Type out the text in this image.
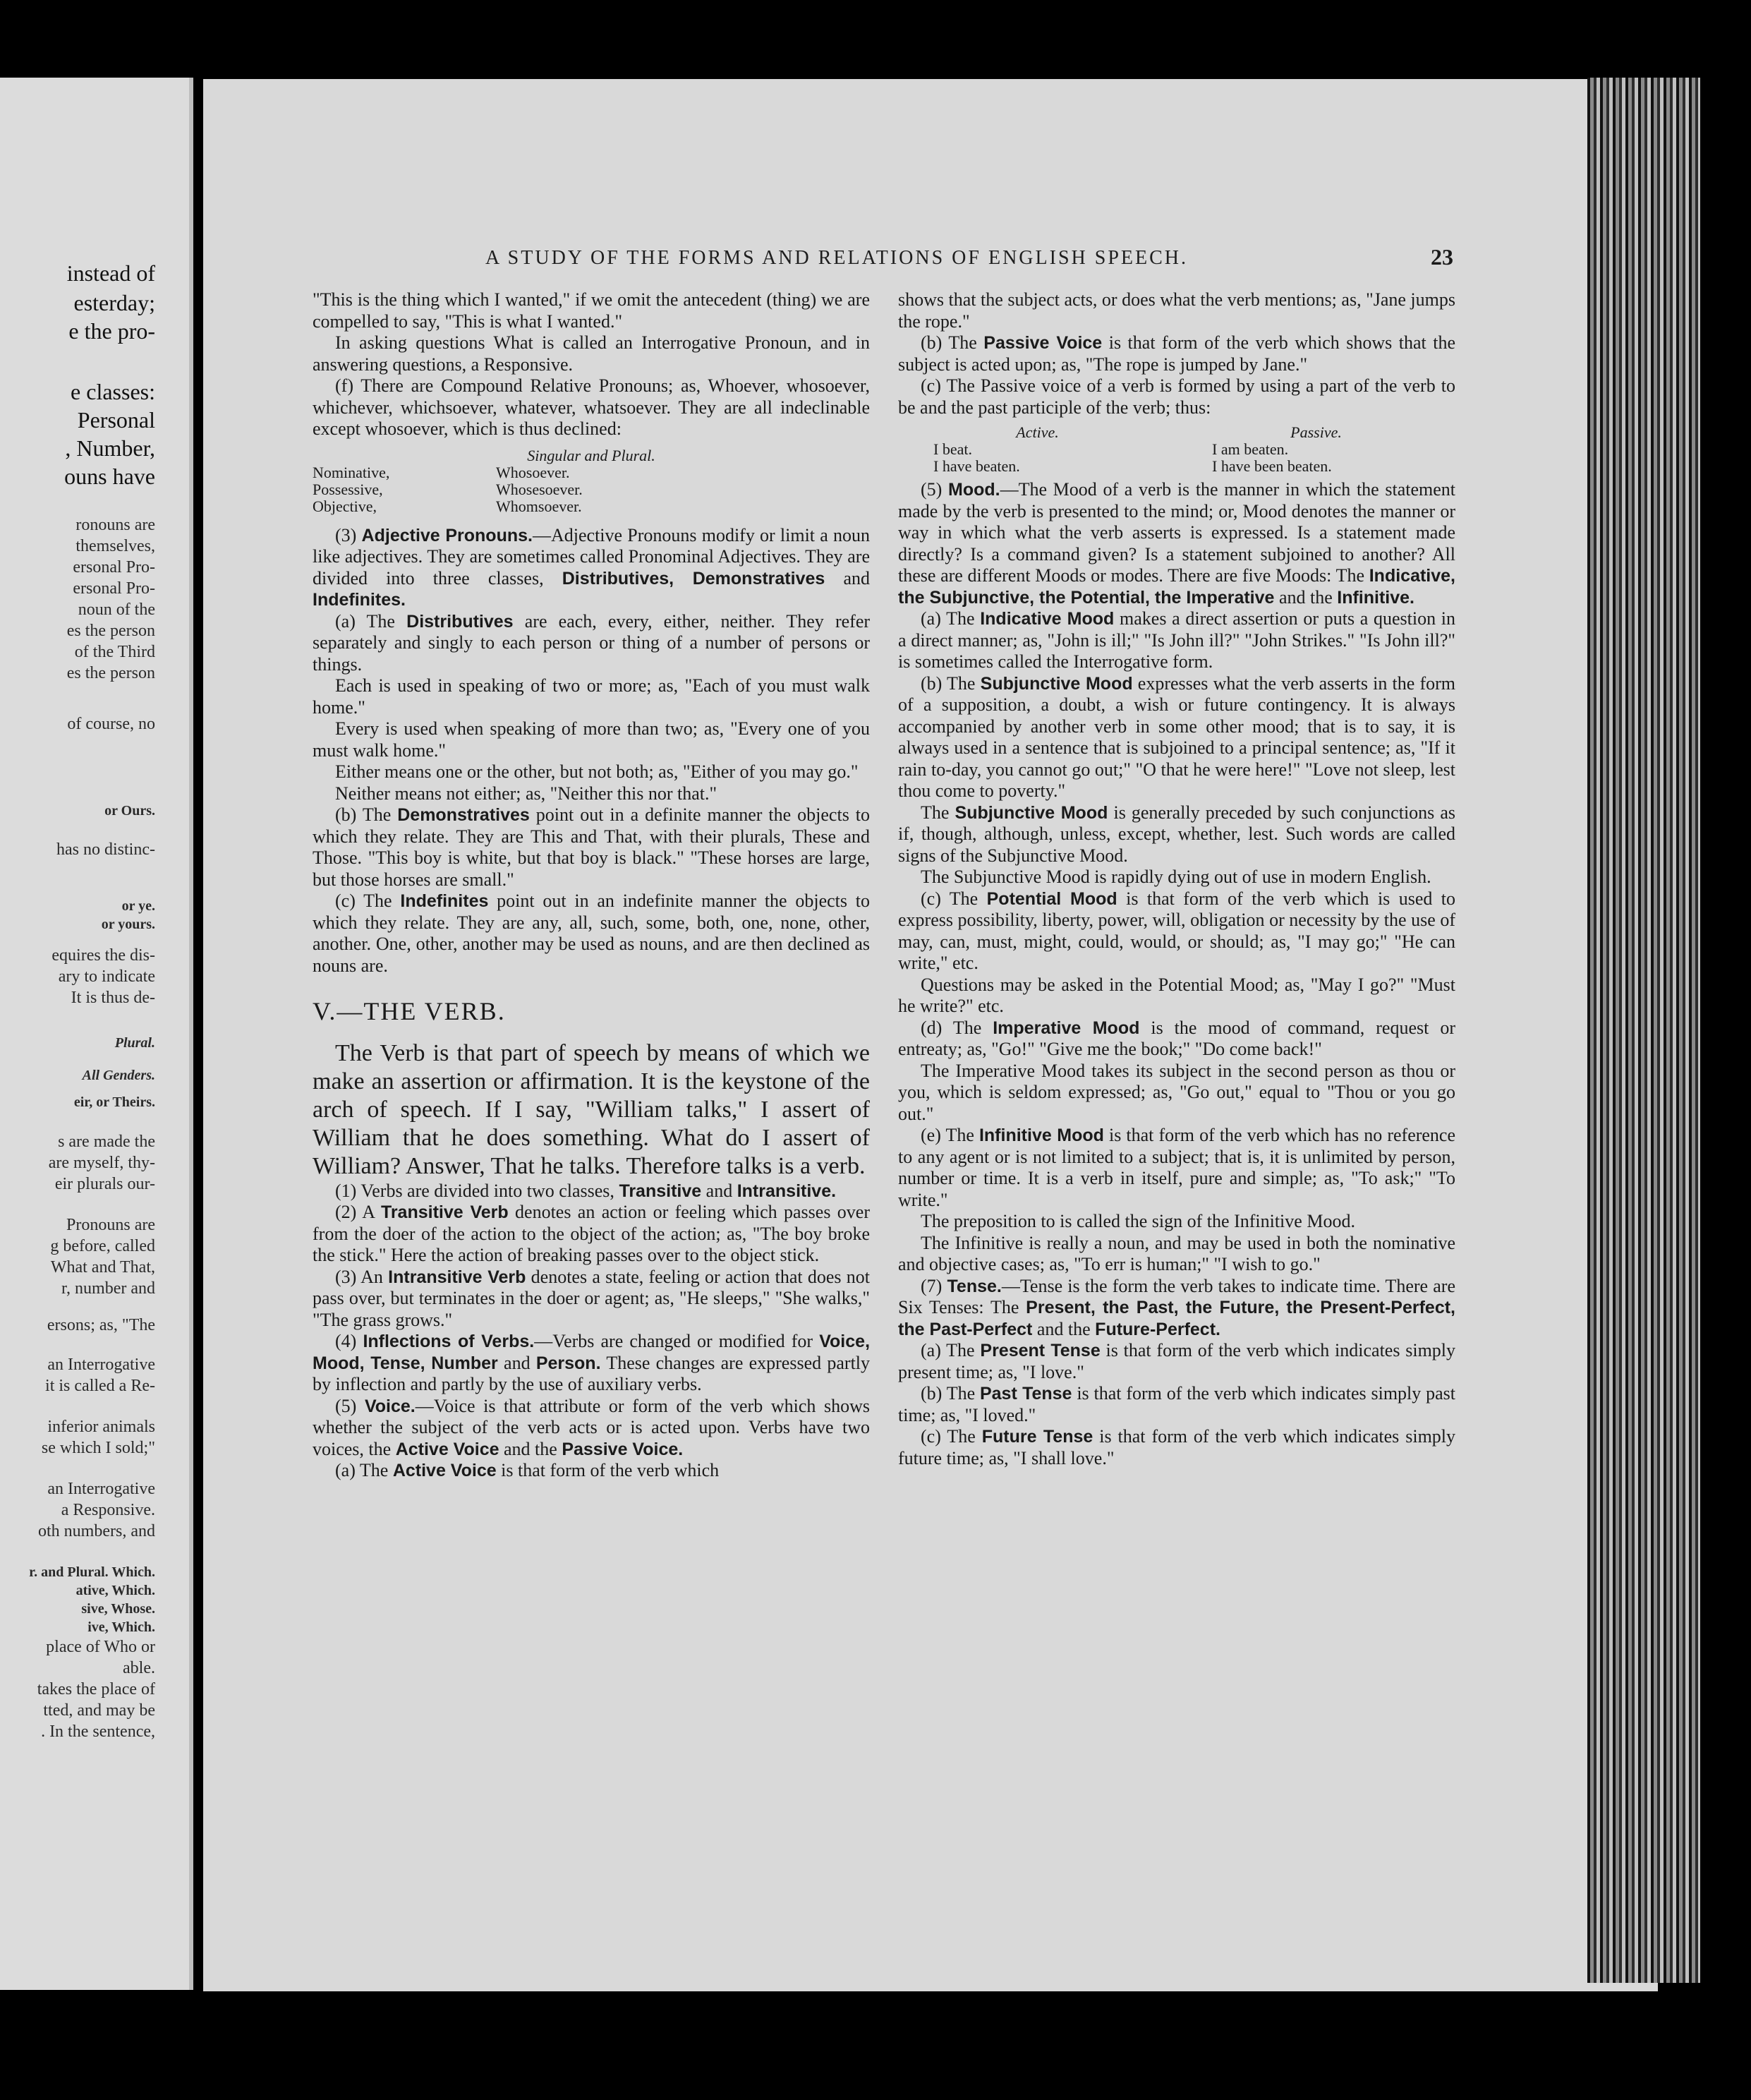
instead of
esterday;
e the pro-
e classes:
Personal
, Number,
ouns have
ronouns are
themselves,
ersonal Pro-
ersonal Pro-
noun of the
es the person
of the Third
es the person
of course, no
or Ours.
has no distinc-
or ye.
or yours.
equires the dis-
ary to indicate
It is thus de-
Plural.
All Genders.
eir, or Theirs.
s are made the
are myself, thy-
eir plurals our-
Pronouns are
g before, called
What and That,
r, number and
ersons; as, "The
an Interrogative
it is called a Re-
inferior animals
se which I sold;"
an Interrogative
a Responsive.
oth numbers, and
r. and Plural. Which.
ative, Which.
sive, Whose.
ive, Which.
place of Who or
able.
takes the place of
tted, and may be
. In the sentence,
A STUDY OF THE FORMS AND RELATIONS OF ENGLISH SPEECH.	23

"This is the thing which I wanted," if we omit the antecedent (thing) we are compelled to say, "This is what I wanted."

In asking questions What is called an Interrogative Pronoun, and in answering questions, a Responsive.

(f) There are Compound Relative Pronouns; as, Whoever, whosoever, whichever, whichsoever, whatever, whatsoever. They are all indeclinable except whosoever, which is thus declined:

Singular and Plural.
Nominative,	Whosoever.
Possessive,	Whosesoever.
Objective,	Whomsoever.

(3) Adjective Pronouns.—Adjective Pronouns modify or limit a noun like adjectives. They are sometimes called Pronominal Adjectives. They are divided into three classes, Distributives, Demonstratives and Indefinites.

(a) The Distributives are each, every, either, neither. They refer separately and singly to each person or thing of a number of persons or things.

Each is used in speaking of two or more; as, "Each of you must walk home."

Every is used when speaking of more than two; as, "Every one of you must walk home."

Either means one or the other, but not both; as, "Either of you may go."

Neither means not either; as, "Neither this nor that."

(b) The Demonstratives point out in a definite manner the objects to which they relate. They are This and That, with their plurals, These and Those. "This boy is white, but that boy is black." "These horses are large, but those horses are small."

(c) The Indefinites point out in an indefinite manner the objects to which they relate. They are any, all, such, some, both, one, none, other, another. One, other, another may be used as nouns, and are then declined as nouns are.

V.—THE VERB.

The Verb is that part of speech by means of which we make an assertion or affirmation. It is the keystone of the arch of speech. If I say, "William talks," I assert of William that he does something. What do I assert of William? Answer, That he talks. Therefore talks is a verb.

(1) Verbs are divided into two classes, Transitive and Intransitive.

(2) A Transitive Verb denotes an action or feeling which passes over from the doer of the action to the object of the action; as, "The boy broke the stick." Here the action of breaking passes over to the object stick.

(3) An Intransitive Verb denotes a state, feeling or action that does not pass over, but terminates in the doer or agent; as, "He sleeps," "She walks," "The grass grows."

(4) Inflections of Verbs.—Verbs are changed or modified for Voice, Mood, Tense, Number and Person. These changes are expressed partly by inflection and partly by the use of auxiliary verbs.

(5) Voice.—Voice is that attribute or form of the verb which shows whether the subject of the verb acts or is acted upon. Verbs have two voices, the Active Voice and the Passive Voice.

(a) The Active Voice is that form of the verb which

shows that the subject acts, or does what the verb mentions; as, "Jane jumps the rope."

(b) The Passive Voice is that form of the verb which shows that the subject is acted upon; as, "The rope is jumped by Jane."

(c) The Passive voice of a verb is formed by using a part of the verb to be and the past participle of the verb; thus:

Active.	Passive.
I beat.	I am beaten.
I have beaten.	I have been beaten.

(5) Mood.—The Mood of a verb is the manner in which the statement made by the verb is presented to the mind; or, Mood denotes the manner or way in which what the verb asserts is expressed. Is a statement made directly? Is a command given? Is a statement subjoined to another? All these are different Moods or modes. There are five Moods: The Indicative, the Subjunctive, the Potential, the Imperative and the Infinitive.

(a) The Indicative Mood makes a direct assertion or puts a question in a direct manner; as, "John is ill;" "Is John ill?" "John Strikes." "Is John ill?" is sometimes called the Interrogative form.

(b) The Subjunctive Mood expresses what the verb asserts in the form of a supposition, a doubt, a wish or future contingency. It is always accompanied by another verb in some other mood; that is to say, it is always used in a sentence that is subjoined to a principal sentence; as, "If it rain to-day, you cannot go out;" "O that he were here!" "Love not sleep, lest thou come to poverty."

The Subjunctive Mood is generally preceded by such conjunctions as if, though, although, unless, except, whether, lest. Such words are called signs of the Subjunctive Mood.

The Subjunctive Mood is rapidly dying out of use in modern English.

(c) The Potential Mood is that form of the verb which is used to express possibility, liberty, power, will, obligation or necessity by the use of may, can, must, might, could, would, or should; as, "I may go;" "He can write," etc.

Questions may be asked in the Potential Mood; as, "May I go?" "Must he write?" etc.

(d) The Imperative Mood is the mood of command, request or entreaty; as, "Go!" "Give me the book;" "Do come back!"

The Imperative Mood takes its subject in the second person as thou or you, which is seldom expressed; as, "Go out," equal to "Thou or you go out."

(e) The Infinitive Mood is that form of the verb which has no reference to any agent or is not limited to a subject; that is, it is unlimited by person, number or time. It is a verb in itself, pure and simple; as, "To ask;" "To write."

The preposition to is called the sign of the Infinitive Mood.

The Infinitive is really a noun, and may be used in both the nominative and objective cases; as, "To err is human;" "I wish to go."

(7) Tense.—Tense is the form the verb takes to indicate time. There are Six Tenses: The Present, the Past, the Future, the Present-Perfect, the Past-Perfect and the Future-Perfect.

(a) The Present Tense is that form of the verb which indicates simply present time; as, "I love."

(b) The Past Tense is that form of the verb which indicates simply past time; as, "I loved."

(c) The Future Tense is that form of the verb which indicates simply future time; as, "I shall love."
